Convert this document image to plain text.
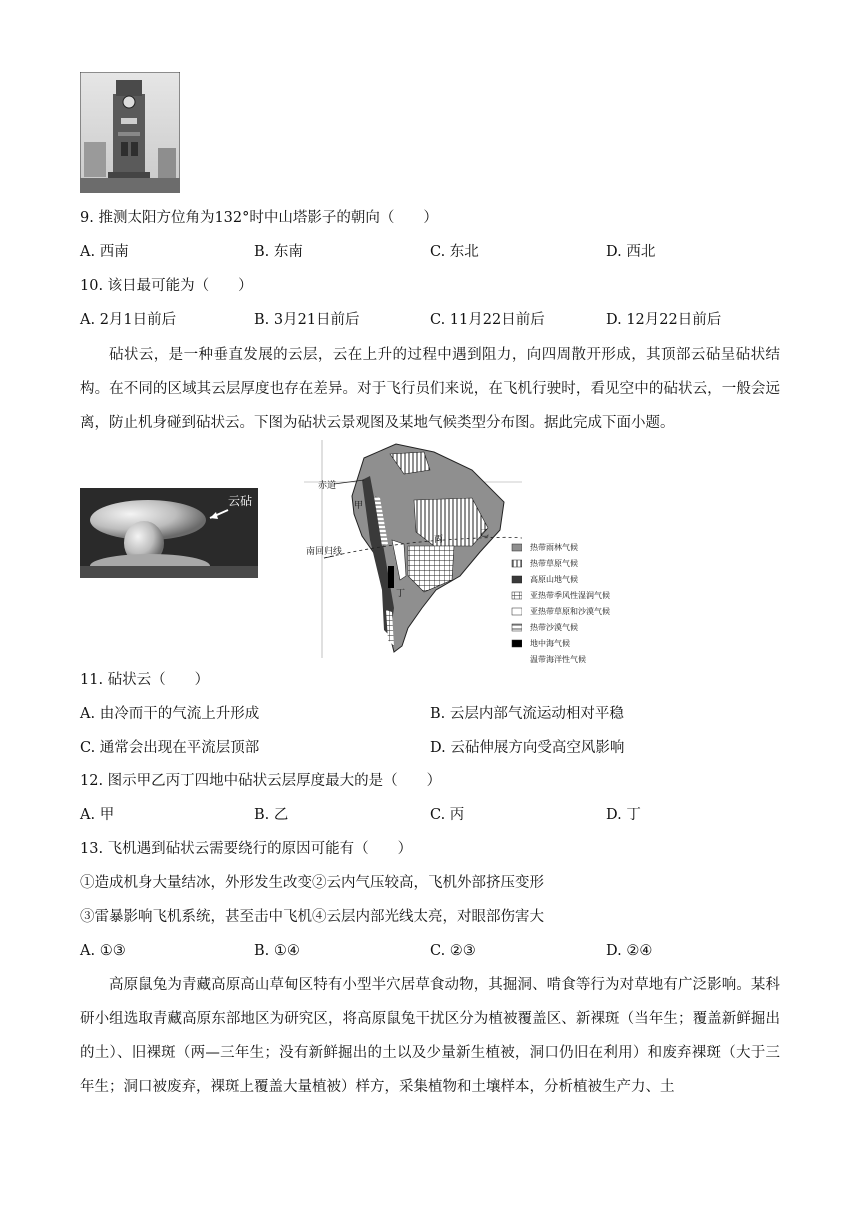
9. 推测太阳方位角为132°时中山塔影子的朝向（　　）
A. 西南	B. 东南	C. 东北	D. 西北
10. 该日最可能为（　　）
A. 2月1日前后	B. 3月21日前后	C. 11月22日前后	D. 12月22日前后
砧状云，是一种垂直发展的云层，云在上升的过程中遇到阻力，向四周散开形成，其顶部云砧呈砧状结构。在不同的区域其云层厚度也存在差异。对于飞行员们来说，在飞机行驶时，看见空中的砧状云，一般会远离，防止机身碰到砧状云。下图为砧状云景观图及某地气候类型分布图。据此完成下面小题。
云砧
赤道
南回归线
甲
乙
丙
丁
热带雨林气候
热带草原气候
高原山地气候
亚热带季风性湿润气候
亚热带草原和沙漠气候
热带沙漠气候
地中海气候
温带海洋性气候
11. 砧状云（　　）
A. 由冷而干的气流上升形成	B. 云层内部气流运动相对平稳
C. 通常会出现在平流层顶部	D. 云砧伸展方向受高空风影响
12. 图示甲乙丙丁四地中砧状云层厚度最大的是（　　）
A. 甲	B. 乙	C. 丙	D. 丁
13. 飞机遇到砧状云需要绕行的原因可能有（　　）
①造成机身大量结冰，外形发生改变②云内气压较高，飞机外部挤压变形
③雷暴影响飞机系统，甚至击中飞机④云层内部光线太亮，对眼部伤害大
A. ①③	B. ①④	C. ②③	D. ②④
高原鼠兔为青藏高原高山草甸区特有小型半穴居草食动物，其掘洞、啃食等行为对草地有广泛影响。某科研小组选取青藏高原东部地区为研究区，将高原鼠兔干扰区分为植被覆盖区、新裸斑（当年生；覆盖新鲜掘出的土）、旧裸斑（两—三年生；没有新鲜掘出的土以及少量新生植被，洞口仍旧在利用）和废弃裸斑（大于三年生；洞口被废弃，裸斑上覆盖大量植被）样方，采集植物和土壤样本，分析植被生产力、土
